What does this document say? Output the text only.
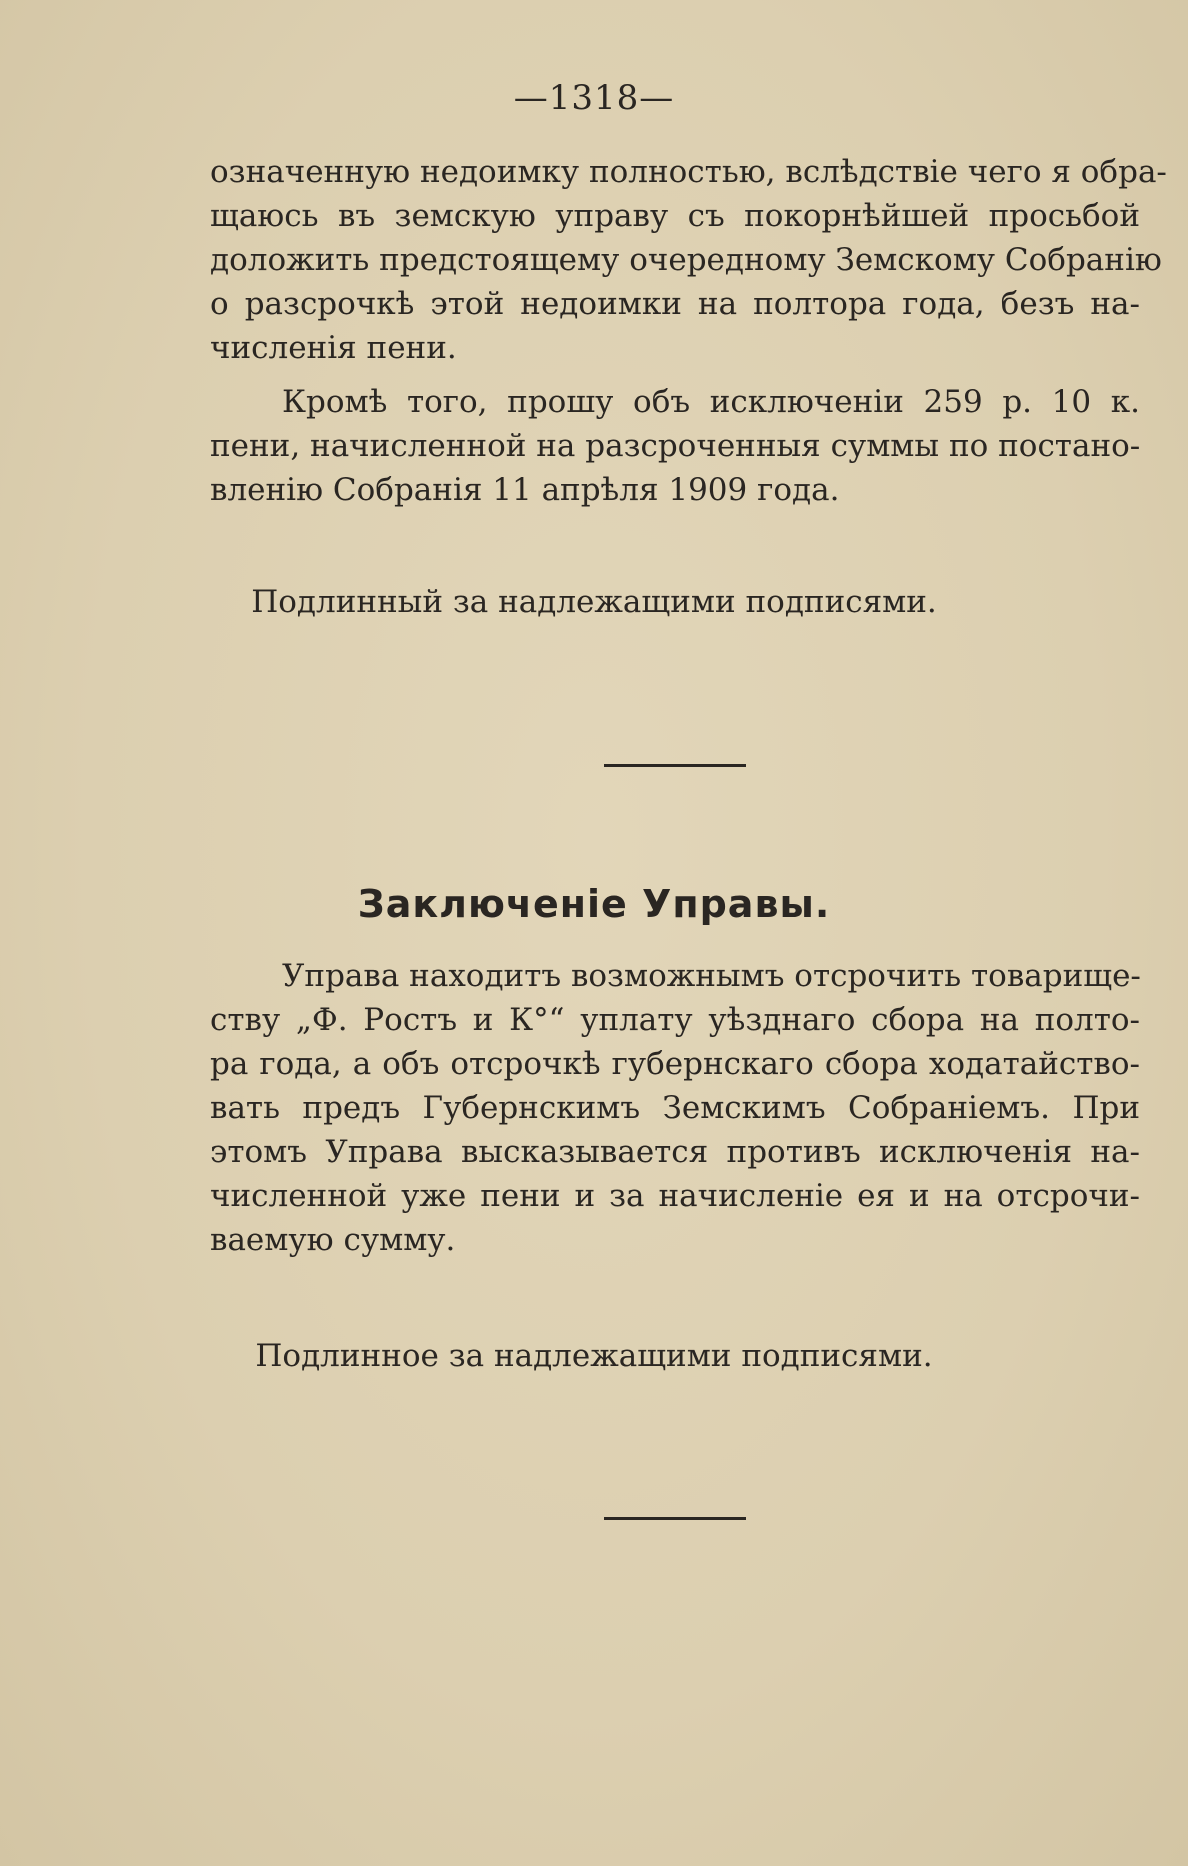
—1318—
означенную недоимку полностью, вслѣдствіе чего я обра-
щаюсь въ земскую управу съ покорнѣйшей просьбой
доложить предстоящему очередному Земскому Собранію
о разсрочкѣ этой недоимки на полтора года, безъ на-
численія пени.
Кромѣ того, прошу объ исключеніи 259 р. 10 к.
пени, начисленной на разсроченныя суммы по постано-
вленію Собранія 11 апрѣля 1909 года.
Подлинный за надлежащими подписями.
Заключеніе Управы.
Управа находитъ возможнымъ отсрочить товарище-
ству „Ф. Ростъ и К°“ уплату уѣзднаго сбора на полто-
ра года, а объ отсрочкѣ губернскаго сбора ходатайство-
вать предъ Губернскимъ Земскимъ Собраніемъ. При
этомъ Управа высказывается противъ исключенія на-
численной уже пени и за начисленіе ея и на отсрочи-
ваемую сумму.
Подлинное за надлежащими подписями.
